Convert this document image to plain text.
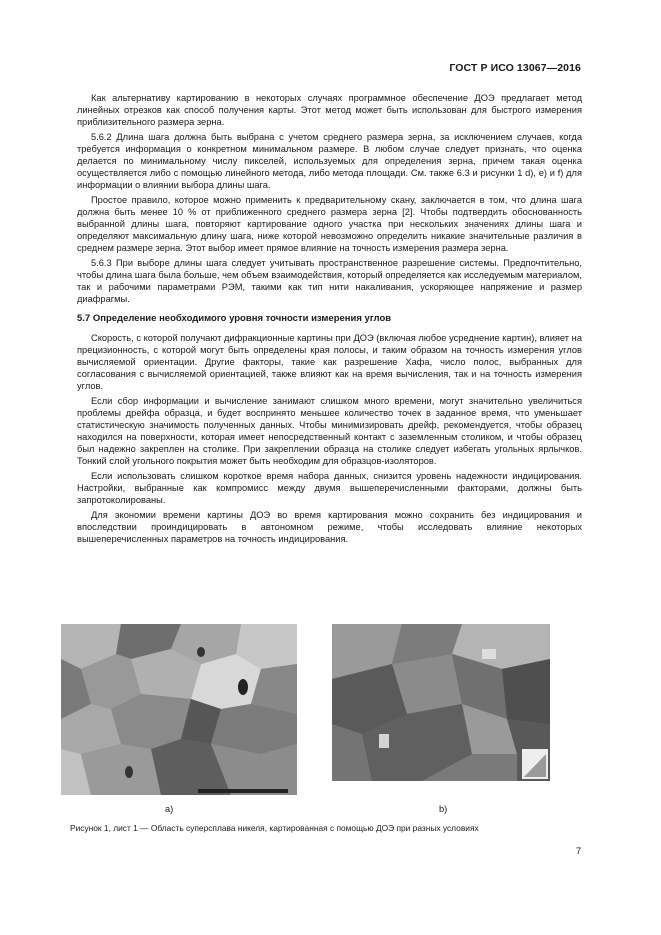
ГОСТ Р ИСО 13067—2016

Как альтернативу картированию в некоторых случаях программное обеспечение ДОЭ предлагает метод линейных отрезков как способ получения карты. Этот метод может быть использован для быстрого измерения приблизительного размера зерна.

5.6.2 Длина шага должна быть выбрана с учетом среднего размера зерна, за исключением случаев, когда требуется информация о конкретном минимальном размере. В любом случае следует признать, что оценка делается по минимальному числу пикселей, используемых для определения зерна, причем такая оценка осуществляется либо с помощью линейного метода, либо метода площади. См. также 6.3 и рисунки 1 d), e) и f) для информации о влиянии выбора длины шага.

Простое правило, которое можно применить к предварительному скану, заключается в том, что длина шага должна быть менее 10 % от приближенного среднего размера зерна [2]. Чтобы подтвердить обоснованность выбранной длины шага, повторяют картирование одного участка при нескольких значениях длины шага и определяют максимальную длину шага, ниже которой невозможно определить никакие значительные различия в среднем размере зерна. Этот выбор имеет прямое влияние на точность измерения размера зерна.

5.6.3 При выборе длины шага следует учитывать пространственное разрешение системы. Предпочтительно, чтобы длина шага была больше, чем объем взаимодействия, который определяется как исследуемым материалом, так и рабочими параметрами РЭМ, такими как тип нити накаливания, ускоряющее напряжение и размер диафрагмы.

5.7 Определение необходимого уровня точности измерения углов

Скорость, с которой получают дифракционные картины при ДОЭ (включая любое усреднение картин), влияет на прецизионность, с которой могут быть определены края полосы, и таким образом на точность измерения углов вычисляемой ориентации. Другие факторы, такие как разрешение Хафа, число полос, выбранных для согласования с вычисляемой ориентацией, также влияют как на время вычисления, так и на точность измерения углов.

Если сбор информации и вычисление занимают слишком много времени, могут значительно увеличиться проблемы дрейфа образца, и будет воспринято меньшее количество точек в заданное время, что уменьшает статистическую значимость полученных данных. Чтобы минимизировать дрейф, рекомендуется, чтобы образец находился на поверхности, которая имеет непосредственный контакт с заземленным столиком, и чтобы образец был надежно закреплен на столике. При закреплении образца на столике следует избегать угольных ярлычков. Тонкий слой угольного покрытия может быть необходим для образцов-изоляторов.

Если использовать слишком короткое время набора данных, снизится уровень надежности индицирования. Настройки, выбранные как компромисс между двумя вышеперечисленными факторами, должны быть запротоколированы.

Для экономии времени картины ДОЭ во время картирования можно сохранить без индицирования и впоследствии проиндицировать в автономном режиме, чтобы исследовать влияние некоторых вышеперечисленных параметров на точность индицирования.

a)	b)
Рисунок 1, лист 1 — Область суперсплава никеля, картированная с помощью ДОЭ при разных условиях
7
